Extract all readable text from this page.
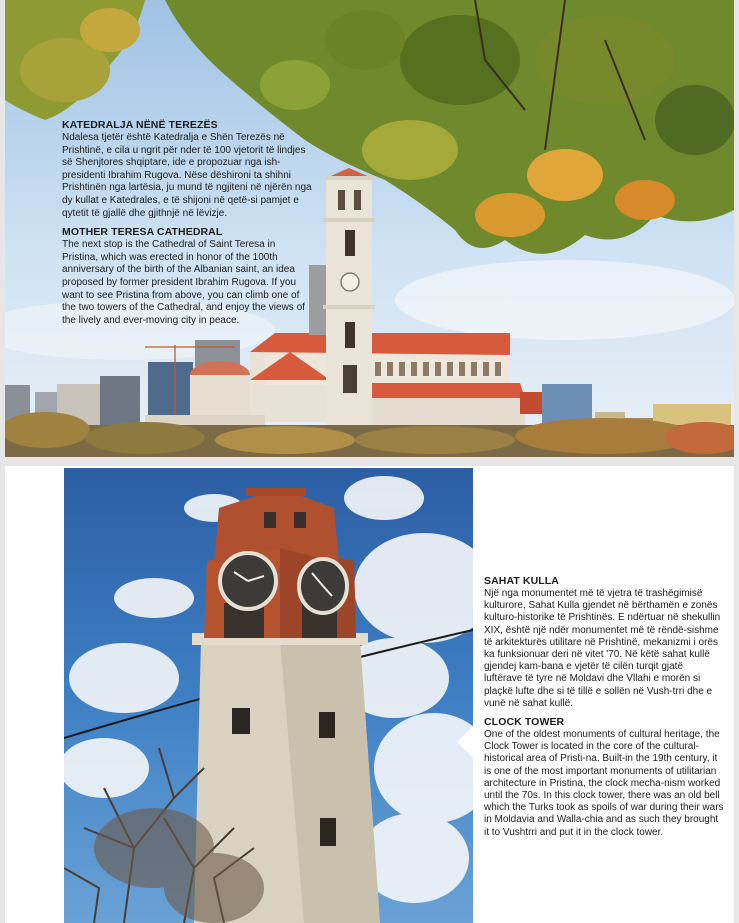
KATEDRALJA NËNË TEREZËS

Ndalesa tjetër është Katedralja e Shën Terezës në Prishtinë, e cila u ngrit për nder të 100 vjetorit të lindjes së Shenjtores shqiptare, ide e propozuar nga ish-presidenti Ibrahim Rugova. Nëse dëshironi ta shihni Prishtinën nga lartësia, ju mund të ngjiteni në njërën nga dy kullat e Katedrales, e të shijoni në qetë-si pamjet e qytetit të gjallë dhe gjithnjë në lëvizje.

MOTHER TERESA CATHEDRAL

The next stop is the Cathedral of Saint Teresa in Pristina, which was erected in honor of the 100th anniversary of the birth of the Albanian saint, an idea proposed by former president Ibrahim Rugova. If you want to see Pristina from above, you can climb one of the two towers of the Cathedral, and enjoy the views of the lively and ever-moving city in peace.

SAHAT KULLA

Një nga monumentet më të vjetra të trashëgimisë kulturore, Sahat Kulla gjendet në bërthamën e zonës kulturo-historike të Prishtinës. E ndërtuar në shekullin XIX, është një ndër monumentet më të rëndë-sishme të arkitekturës utilitare në Prishtinë, mekanizmi i orës ka funksionuar deri në vitet '70. Në këtë sahat kullë gjendej kam-bana e vjetër të cilën turqit gjatë luftërave të tyre në Moldavi dhe Vllahi e morën si plaçkë lufte dhe si të tillë e sollën në Vush-trri dhe e vunë në sahat kullë.

CLOCK TOWER

One of the oldest monuments of cultural heritage, the Clock Tower is located in the core of the cultural-historical area of Pristi-na. Built-in the 19th century, it is one of the most important monuments of utilitarian architecture in Pristina, the clock mecha-nism worked until the 70s. In this clock tower, there was an old bell which the Turks took as spoils of war during their wars in Moldavia and Walla-chia and as such they brought it to Vushtrri and put it in the clock tower.
